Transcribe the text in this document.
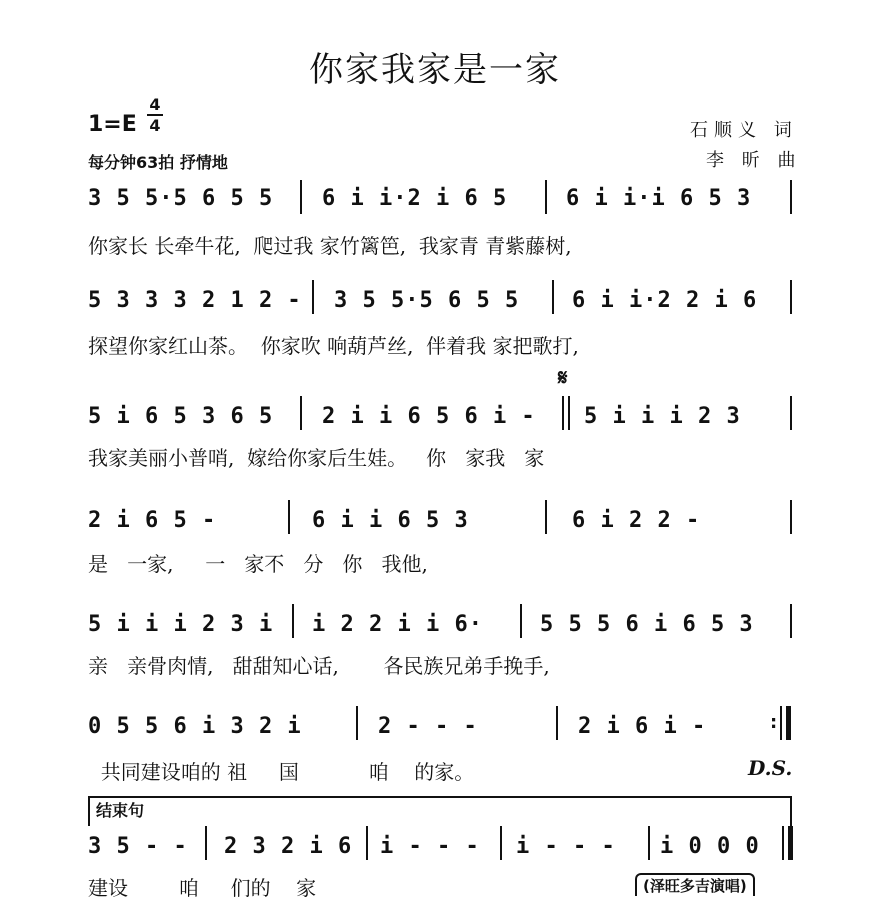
你家我家是一家
1=E
4
4
每分钟63拍 抒情地
石顺义 词
李 昕 曲
3 5 5·5 6 5 5 6 i i·2 i 6 5	6 i i·i 6 5 3
你家长 长牵牛花,  爬过我 家竹篱笆,  我家青 青紫藤树,
5 3 3 3 2 1 2 - 3 5 5·5 6 5 5 6 i i·2 2 i 6
探望你家红山茶。  你家吹 响葫芦丝,  伴着我 家把歌打,
𝄋
5 i 6 5 3 6 5 2 i i 6 5 6 i - 5 i i i 2 3
我家美丽小普哨,  嫁给你家后生娃。   你   家我   家
2 i 6 5 -	6 i i 6 5 3	6 i 2 2 -
是   一家,     一   家不   分   你   我他,
5 i i i 2 3 i i 2 2 i i 6·	5 5 5 6 i 6 5 3
亲   亲骨肉情,   甜甜知心话,       各民族兄弟手挽手,
0 5 5 6 i 3 2 i	2 - - -	2 i 6 i -	:
共同建设咱的 祖     国           咱    的家。	D.S.
结束句
3 5 - - 2 3 2 i 6 i - - - i - - - i 0 0 0
建设        咱     们的    家	(泽旺多吉演唱)
